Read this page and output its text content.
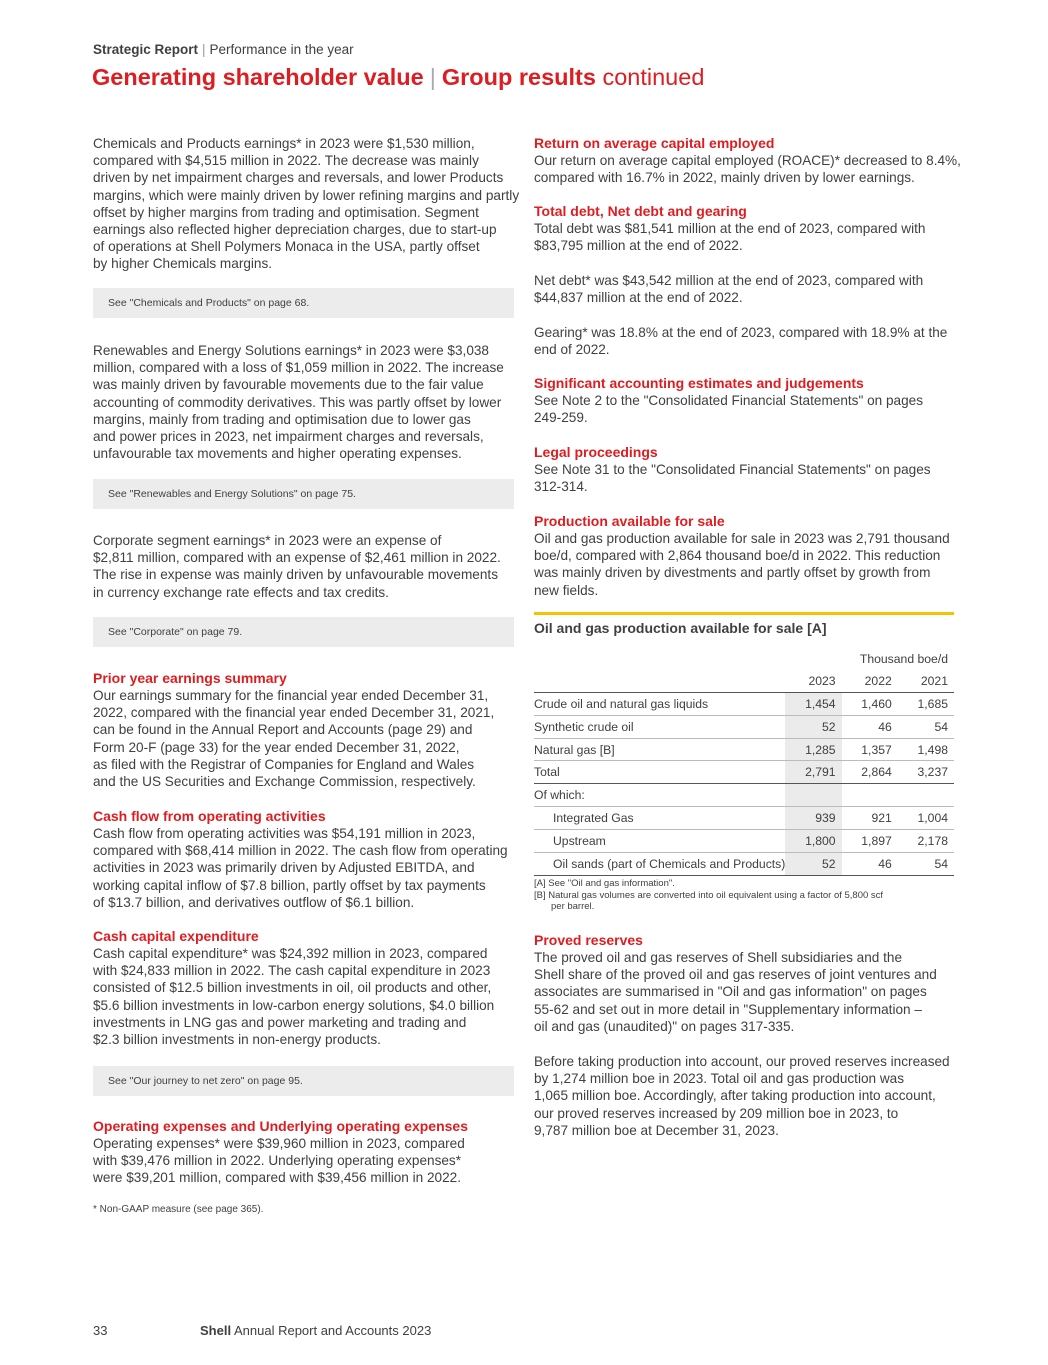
Strategic Report | Performance in the year
Generating shareholder value | Group results continued
Chemicals and Products earnings* in 2023 were $1,530 million,
compared with $4,515 million in 2022. The decrease was mainly
driven by net impairment charges and reversals, and lower Products
margins, which were mainly driven by lower refining margins and partly
offset by higher margins from trading and optimisation. Segment
earnings also reflected higher depreciation charges, due to start-up
of operations at Shell Polymers Monaca in the USA, partly offset
by higher Chemicals margins.
See "Chemicals and Products" on page 68.
Renewables and Energy Solutions earnings* in 2023 were $3,038
million, compared with a loss of $1,059 million in 2022. The increase
was mainly driven by favourable movements due to the fair value
accounting of commodity derivatives. This was partly offset by lower
margins, mainly from trading and optimisation due to lower gas
and power prices in 2023, net impairment charges and reversals,
unfavourable tax movements and higher operating expenses.
See "Renewables and Energy Solutions" on page 75.
Corporate segment earnings* in 2023 were an expense of
$2,811 million, compared with an expense of $2,461 million in 2022.
The rise in expense was mainly driven by unfavourable movements
in currency exchange rate effects and tax credits.
See "Corporate" on page 79.
Prior year earnings summary
Our earnings summary for the financial year ended December 31,
2022, compared with the financial year ended December 31, 2021,
can be found in the Annual Report and Accounts (page 29) and
Form 20-F (page 33) for the year ended December 31, 2022,
as filed with the Registrar of Companies for England and Wales
and the US Securities and Exchange Commission, respectively.
Cash flow from operating activities
Cash flow from operating activities was $54,191 million in 2023,
compared with $68,414 million in 2022. The cash flow from operating
activities in 2023 was primarily driven by Adjusted EBITDA, and
working capital inflow of $7.8 billion, partly offset by tax payments
of $13.7 billion, and derivatives outflow of $6.1 billion.
Cash capital expenditure
Cash capital expenditure* was $24,392 million in 2023, compared
with $24,833 million in 2022. The cash capital expenditure in 2023
consisted of $12.5 billion investments in oil, oil products and other,
$5.6 billion investments in low-carbon energy solutions, $4.0 billion
investments in LNG gas and power marketing and trading and
$2.3 billion investments in non-energy products.
See "Our journey to net zero" on page 95.
Operating expenses and Underlying operating expenses
Operating expenses* were $39,960 million in 2023, compared
with $39,476 million in 2022. Underlying operating expenses*
were $39,201 million, compared with $39,456 million in 2022.
* Non-GAAP measure (see page 365).
Return on average capital employed
Our return on average capital employed (ROACE)* decreased to 8.4%,
compared with 16.7% in 2022, mainly driven by lower earnings.
Total debt, Net debt and gearing
Total debt was $81,541 million at the end of 2023, compared with
$83,795 million at the end of 2022.
Net debt* was $43,542 million at the end of 2023, compared with
$44,837 million at the end of 2022.
Gearing* was 18.8% at the end of 2023, compared with 18.9% at the
end of 2022.
Significant accounting estimates and judgements
See Note 2 to the "Consolidated Financial Statements" on pages
249-259.
Legal proceedings
See Note 31 to the "Consolidated Financial Statements" on pages
312-314.
Production available for sale
Oil and gas production available for sale in 2023 was 2,791 thousand
boe/d, compared with 2,864 thousand boe/d in 2022. This reduction
was mainly driven by divestments and partly offset by growth from
new fields.
Oil and gas production available for sale [A]
	Thousand boe/d		
	2023	2022	2021
Crude oil and natural gas liquids	1,454	1,460	1,685
Synthetic crude oil	52	46	54
Natural gas [B]	1,285	1,357	1,498
Total	2,791	2,864	3,237
Of which:			
Integrated Gas	939	921	1,004
Upstream	1,800	1,897	2,178
Oil sands (part of Chemicals and Products)	52	46	54
[A] See "Oil and gas information".
[B] Natural gas volumes are converted into oil equivalent using a factor of 5,800 scf
per barrel.
Proved reserves
The proved oil and gas reserves of Shell subsidiaries and the
Shell share of the proved oil and gas reserves of joint ventures and
associates are summarised in "Oil and gas information" on pages
55-62 and set out in more detail in "Supplementary information –
oil and gas (unaudited)" on pages 317-335.
Before taking production into account, our proved reserves increased
by 1,274 million boe in 2023. Total oil and gas production was
1,065 million boe. Accordingly, after taking production into account,
our proved reserves increased by 209 million boe in 2023, to
9,787 million boe at December 31, 2023.
33	Shell Annual Report and Accounts 2023
